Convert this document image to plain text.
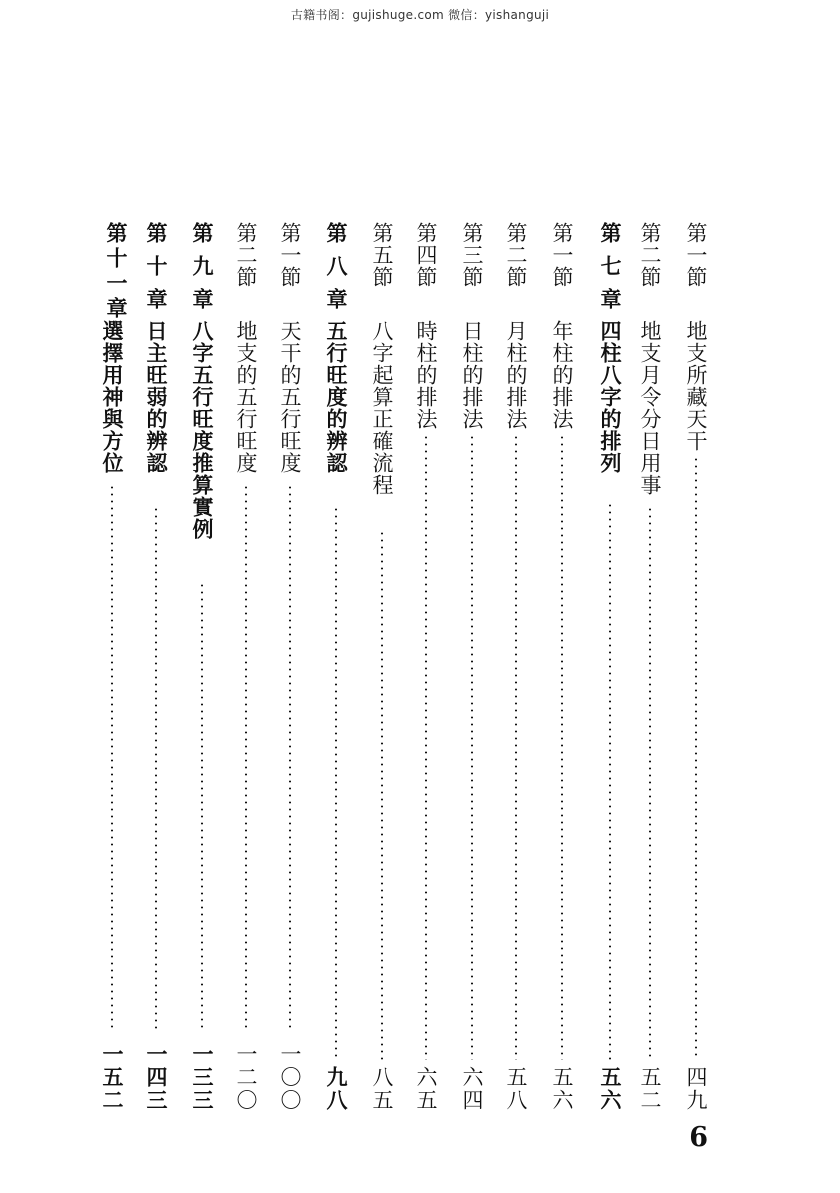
古籍书阁：gujishuge.com 微信：yishanguji
第一節
地支所藏天干
四九
第二節
地支月令分日用事
五二
第七章
四柱八字的排列
五六
第一節
年柱的排法
五六
第二節
月柱的排法
五八
第三節
日柱的排法
六四
第四節
時柱的排法
六五
第五節
八字起算正確流程
八五
第八章
五行旺度的辨認
九八
第一節
天干的五行旺度
一〇〇
第二節
地支的五行旺度
一二〇
第九章
八字五行旺度推算實例
一三三
第十章
日主旺弱的辨認
一四三
第十一章
選擇用神與方位
一五二
6
